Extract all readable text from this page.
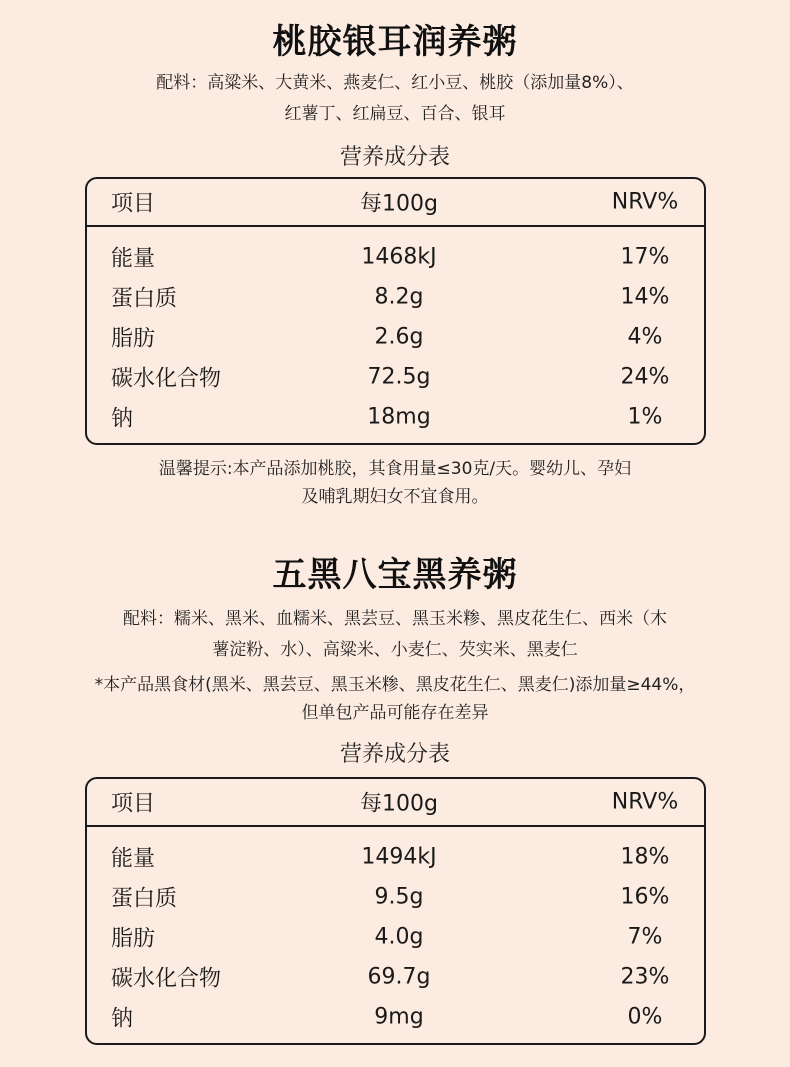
桃胶银耳润养粥
配料：高粱米、大黄米、燕麦仁、红小豆、桃胶（添加量8%）、
红薯丁、红扁豆、百合、银耳
营养成分表
项目	每100g	NRV%
能量	1468kJ	17%
蛋白质	8.2g	14%
脂肪	2.6g	4%
碳水化合物	72.5g	24%
钠	18mg	1%
温馨提示:本产品添加桃胶，其食用量≤30克/天。婴幼儿、孕妇
及哺乳期妇女不宜食用。
五黑八宝黑养粥
配料：糯米、黑米、血糯米、黑芸豆、黑玉米糁、黑皮花生仁、西米（木
薯淀粉、水）、高粱米、小麦仁、芡实米、黑麦仁
*本产品黑食材(黑米、黑芸豆、黑玉米糁、黑皮花生仁、黑麦仁)添加量≥44%，
但单包产品可能存在差异
营养成分表
项目	每100g	NRV%
能量	1494kJ	18%
蛋白质	9.5g	16%
脂肪	4.0g	7%
碳水化合物	69.7g	23%
钠	9mg	0%
